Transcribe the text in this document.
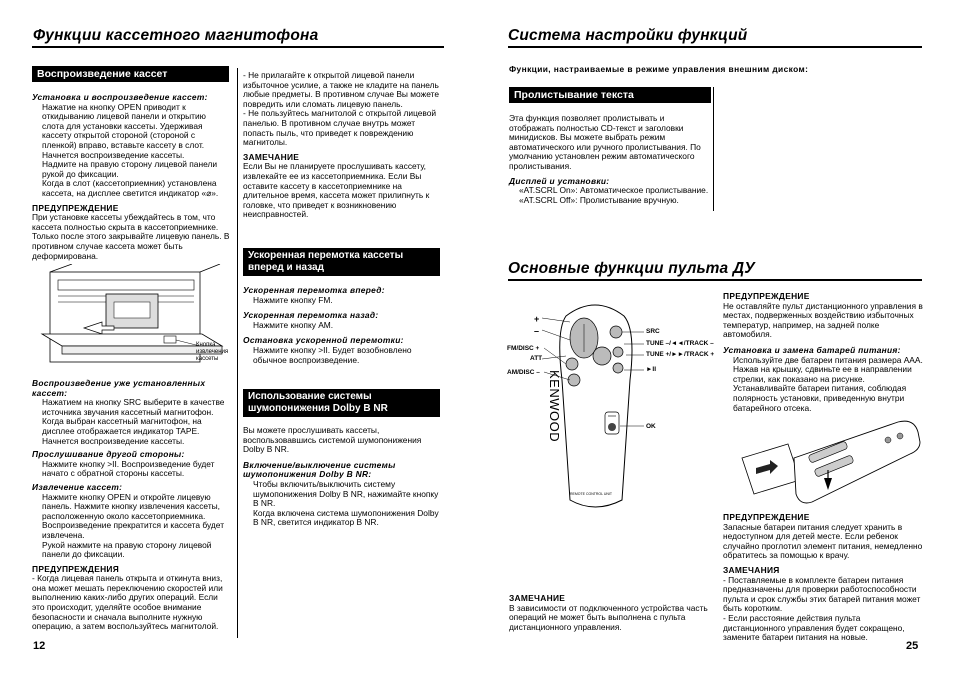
Функции кассетного магнитофона
Воспроизведение кассет

Установка и воспроизведение кассет:

Нажатие на кнопку OPEN приводит к откидыванию лицевой панели и открытию слота для установки кассеты. Удерживая кассету открытой стороной (стороной с пленкой) вправо, вставьте кассету в слот. Начнется воспроизведение кассеты.

Надмите на правую сторону лицевой панели рукой до фиксации.

Когда в слот (кассетоприемник) установлена кассета, на дисплее светится индикатор «⌀».

ПРЕДУПРЕЖДЕНИЕ

При установке кассеты убеждайтесь в том, что кассета полностью скрыта в кассетоприемнике. Только после этого закрывайте лицевую панель. В противном случае кассета может быть деформирована.

Кнопка извлечения кассеты

Воспроизведение уже установленных кассет:

Нажатием на кнопку SRC выберите в качестве источника звучания кассетный магнитофон. Когда выбран кассетный магнитофон, на дисплее отображается индикатор TAPE. Начнется воспроизведение кассеты.

Прослушивание другой стороны:

Нажмите кнопку >II. Воспроизведение будет начато с обратной стороны кассеты.

Извлечение кассет:

Нажмите кнопку OPEN и откройте лицевую панель. Нажмите кнопку извлечения кассеты, расположенную около кассетоприемника. Воспроизведение прекратится и кассета будет извлечена.

Рукой нажмите на правую сторону лицевой панели до фиксации.

ПРЕДУПРЕЖДЕНИЯ

- Когда лицевая панель открыта и откинута вниз, она может мешать переключению скоростей или выполнению каких-либо других операций. Если это происходит, уделяйте особое внимание безопасности и сначала выполните нужную операцию, а затем воспользуйтесь магнитолой.

- Не прилагайте к открытой лицевой панели избыточное усилие, а также не кладите на панель любые предметы. В противном случае Вы можете повредить или сломать лицевую панель.

- Не пользуйтесь магнитолой с открытой лицевой панелью. В противном случае внутрь может попасть пыль, что приведет к повреждению магнитолы.

ЗАМЕЧАНИЕ

Если Вы не планируете прослушивать кассету, извлекайте ее из кассетоприемника. Если Вы оставите кассету в кассетоприемнике на длительное время, кассета может прилипнуть к головке, что приведет к возникновению неисправностей.

Ускоренная перемотка кассеты вперед и назад

Ускоренная перемотка вперед:

Нажмите кнопку FM.

Ускоренная перемотка назад:

Нажмите кнопку AM.

Остановка ускоренной перемотки:

Нажмите кнопку >II. Будет возобновлено обычное воспроизведение.

Использование системы шумопонижения Dolby B NR

Вы можете прослушивать кассеты, воспользовавшись системой шумопонижения Dolby B NR.

Включение/выключение системы шумопонижения Dolby B NR:

Чтобы включить/выключить систему шумопонижения Dolby B NR, нажимайте кнопку B NR.

Когда включена система шумопонижения Dolby B NR, светится индикатор B NR.

12
Система настройки функций
Функции, настраиваемые в режиме управления внешним диском:
Пролистывание текста

Эта функция позволяет пролистывать и отображать полностью CD-текст и заголовки минидисков. Вы можете выбрать режим автоматического или ручного пролистывания. По умолчанию установлен режим автоматического пролистывания.

Дисплей и установки:

«AT.SCRL On»: Автоматическое пролистывание.

«AT.SCRL Off»: Пролистывание вручную.

Основные функции пульта ДУ
KENWOOD
REMOTE CONTROL UNIT
+
–
FM/DISC +
ATT
AM/DISC –
SRC
TUNE –/◄◄/TRACK –
TUNE +/►►/TRACK +
►II
OK

ЗАМЕЧАНИЕ

В зависимости от подключенного устройства часть операций не может быть выполнена с пульта дистанционного управления.

ПРЕДУПРЕЖДЕНИЕ

Не оставляйте пульт дистанционного управления в местах, подверженных воздействию избыточных температур, например, на задней полке автомобиля.

Установка и замена батарей питания:

Используйте две батареи питания размера ААА.

Нажав на крышку, сдвиньте ее в направлении стрелки, как показано на рисунке.

Устанавливайте батареи питания, соблюдая полярность установки, приведенную внутри батарейного отсека.

ПРЕДУПРЕЖДЕНИЕ

Запасные батареи питания следует хранить в недоступном для детей месте. Если ребенок случайно проглотил элемент питания, немедленно обратитесь за помощью к врачу.

ЗАМЕЧАНИЯ

- Поставляемые в комплекте батареи питания предназначены для проверки работоспособности пульта и срок службы этих батарей питания может быть коротким.

- Если расстояние действия пульта дистанционного управления будет сокращено, замените батареи питания на новые.

25
